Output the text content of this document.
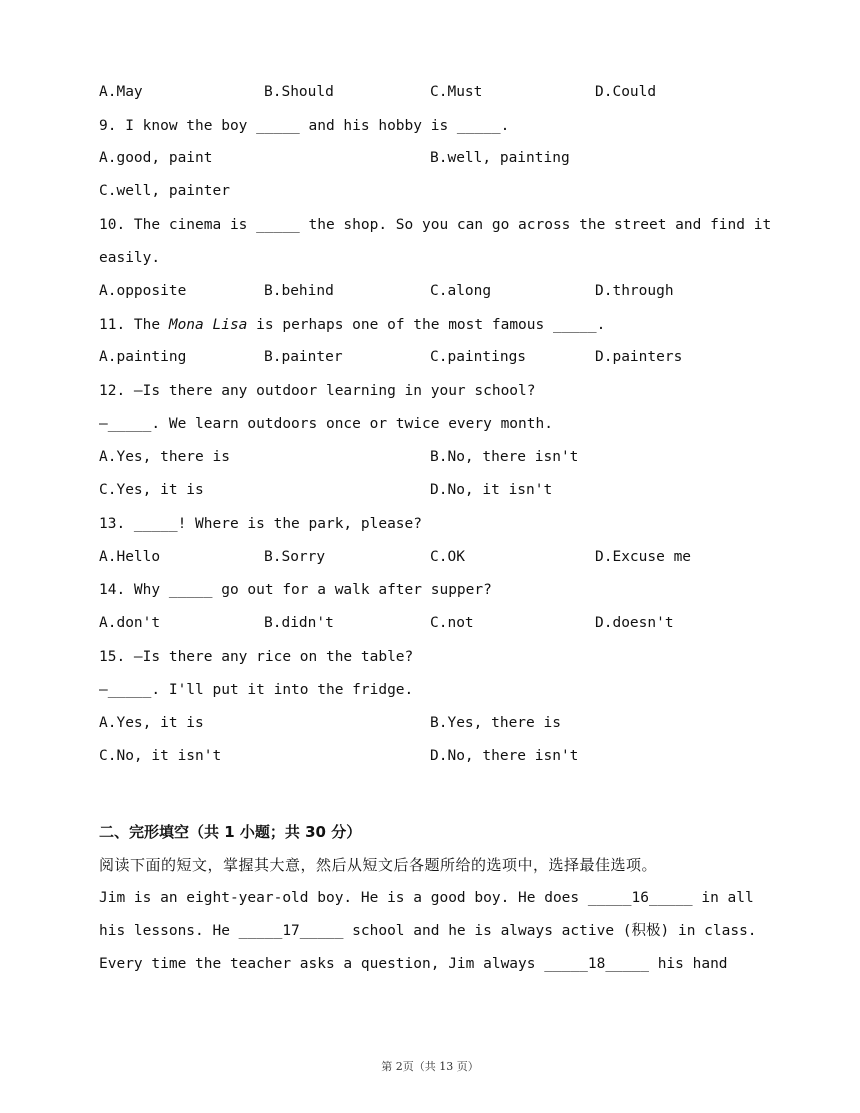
A.May	B.Should	C.Must	D.Could
9. I know the boy _____ and his hobby is _____.
A.good, paint	B.well, painting
C.well, painter
10. The cinema is _____ the shop. So you can go across the street and find it
easily.
A.opposite	B.behind	C.along	D.through
11. The Mona Lisa is perhaps one of the most famous _____.
A.painting	B.painter	C.paintings	D.painters
12. —Is there any outdoor learning in your school?
—_____. We learn outdoors once or twice every month.
A.Yes, there is	B.No, there isn't
C.Yes, it is	D.No, it isn't
13. _____! Where is the park, please?
A.Hello	B.Sorry	C.OK	D.Excuse me
14. Why _____ go out for a walk after supper?
A.don't	B.didn't	C.not	D.doesn't
15. —Is there any rice on the table?
—_____. I'll put it into the fridge.
A.Yes, it is	B.Yes, there is
C.No, it isn't	D.No, there isn't
二、完形填空（共 1 小题；共 30 分）
阅读下面的短文，掌握其大意，然后从短文后各题所给的选项中，选择最佳选项。
Jim is an eight-year-old boy. He is a good boy. He does _____16_____ in all
his lessons. He _____17_____ school and he is always active (积极) in class.
Every time the teacher asks a question, Jim always _____18_____ his hand
第 2页（共 13 页）
